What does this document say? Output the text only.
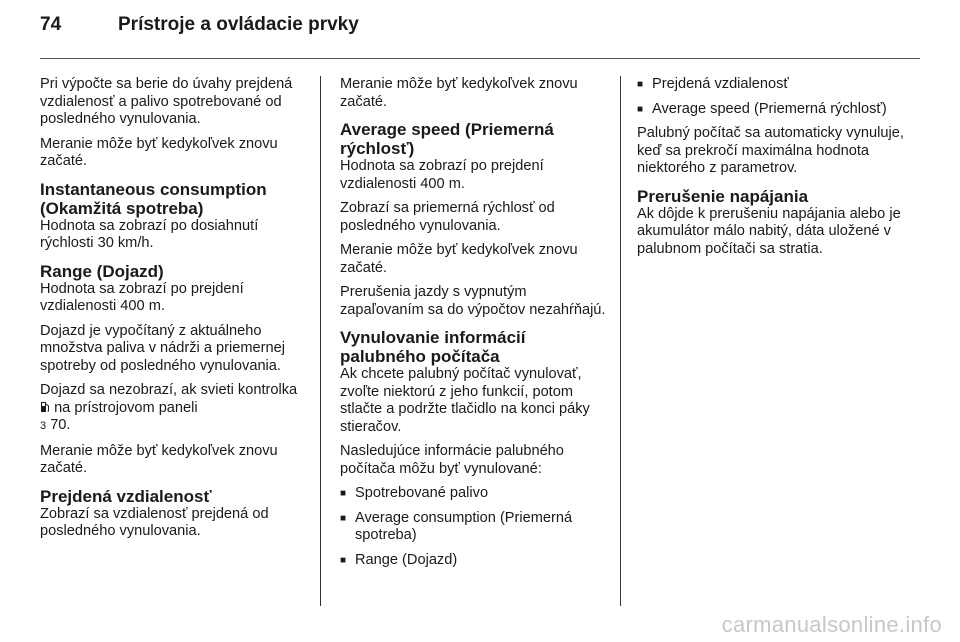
74	Prístroje a ovládacie prvky

Pri výpočte sa berie do úvahy prejdená vzdialenosť a palivo spotrebované od posledného vynulovania.

Meranie môže byť kedykoľvek znovu začaté.

Instantaneous consumption (Okamžitá spotreba)

Hodnota sa zobrazí po dosiahnutí rýchlosti 30 km/h.

Range (Dojazd)

Hodnota sa zobrazí po prejdení vzdialenosti 400 m.

Dojazd je vypočítaný z aktuálneho množstva paliva v nádrži a priemernej spotreby od posledného vynulovania.

Dojazd sa nezobrazí, ak svieti kontrolka  na prístrojovom paneli
3 70.

Meranie môže byť kedykoľvek znovu začaté.

Prejdená vzdialenosť

Zobrazí sa vzdialenosť prejdená od posledného vynulovania.

Meranie môže byť kedykoľvek znovu začaté.

Average speed (Priemerná rýchlosť)

Hodnota sa zobrazí po prejdení vzdialenosti 400 m.

Zobrazí sa priemerná rýchlosť od posledného vynulovania.

Meranie môže byť kedykoľvek znovu začaté.

Prerušenia jazdy s vypnutým zapaľovaním sa do výpočtov nezahŕňajú.

Vynulovanie informácií palubného počítača

Ak chcete palubný počítač vynulovať, zvoľte niektorú z jeho funkcií, potom stlačte a podržte tlačidlo na konci páky stieračov.

Nasledujúce informácie palubného počítača môžu byť vynulované:

■ Spotrebované palivo
■ Average consumption (Priemerná spotreba)
■ Range (Dojazd)
■ Prejdená vzdialenosť
■ Average speed (Priemerná rýchlosť)

Palubný počítač sa automaticky vynuluje, keď sa prekročí maximálna hodnota niektorého z parametrov.

Prerušenie napájania

Ak dôjde k prerušeniu napájania alebo je akumulátor málo nabitý, dáta uložené v palubnom počítači sa stratia.

carmanualsonline.info
